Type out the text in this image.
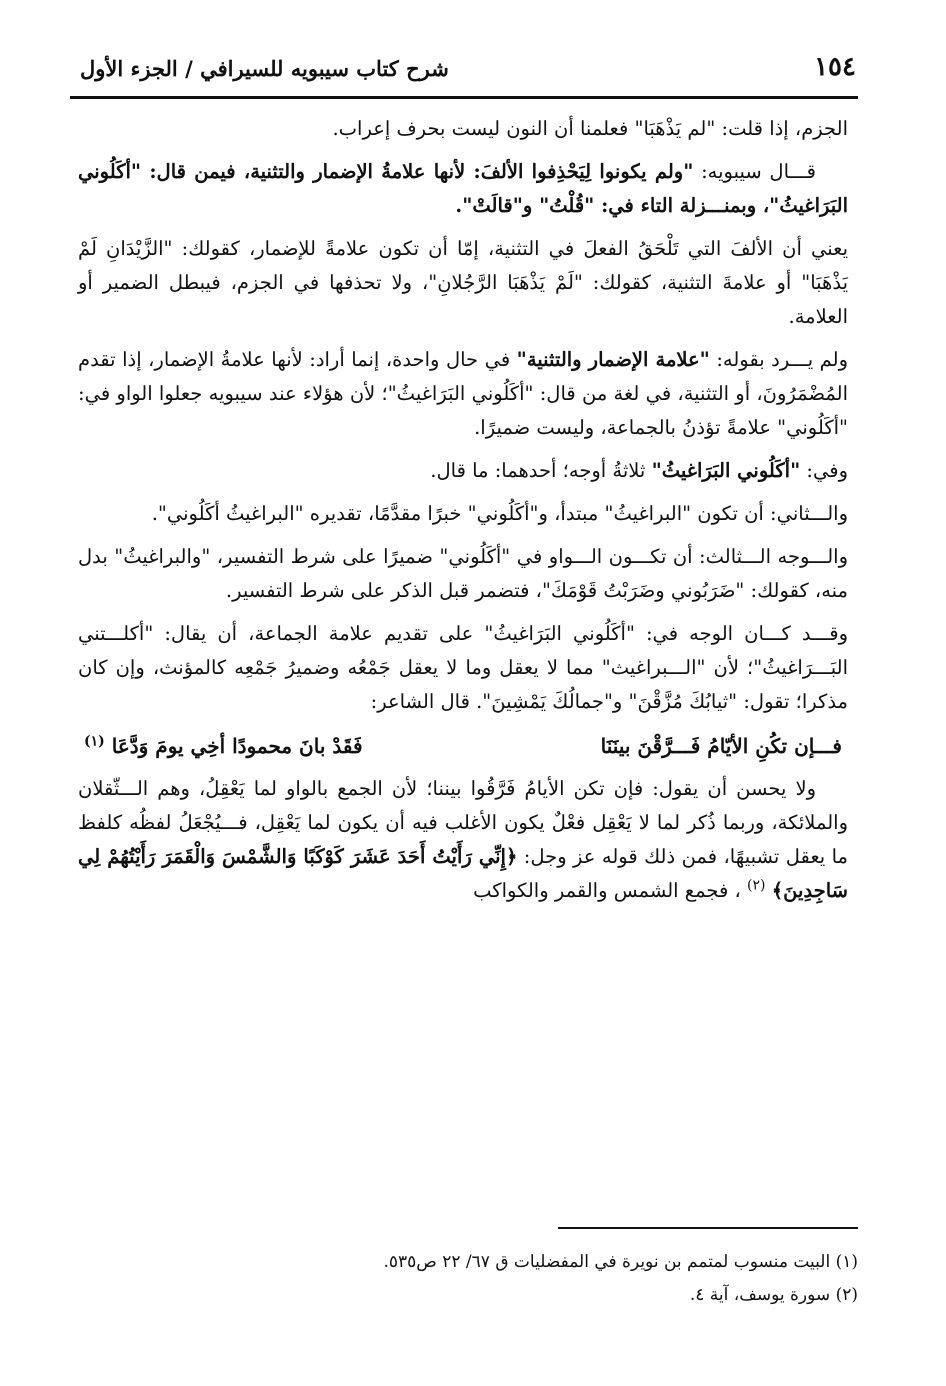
١٥٤
شرح كتاب سيبويه للسيرافي / الجزء الأول

الجزم، إذا قلت: "لم يَذْهَبَا" فعلمنا أن النون ليست بحرف إعراب.

قـــال سيبويه: "ولم يكونوا لِيَحْذِفوا الألفَ: لأنها علامةُ الإضمار والتثنية، فيمن قال: "أكَلُوني البَرَاغيثُ"، وبمنـــزلة التاء في: "قُلْتُ" و"قالَتْ".

يعني أن الألفَ التي تَلْحَقُ الفعلَ في التثنية، إمّا أن تكون علامةً للإضمار، كقولك: "الزَّيْدَانِ لَمْ يَذْهَبَا" أو علامةَ التثنية، كقولك: "لَمْ يَذْهَبَا الرَّجُلانِ"، ولا تحذفها في الجزم، فيبطل الضمير أو العلامة.

ولم يـــرد بقوله: "علامة الإضمار والتثنية" في حال واحدة، إنما أراد: لأنها علامةُ الإضمار، إذا تقدم المُضْمَرُونَ، أو التثنية، في لغة من قال: "أكَلُوني البَرَاغيثُ"؛ لأن هؤلاء عند سيبويه جعلوا الواو في: "أكَلُوني" علامةً تؤذنُ بالجماعة، وليست ضميرًا.

وفي: "أكَلُوني البَرَاغيثُ" ثلاثةُ أوجه؛ أحدهما: ما قال.

والـــثاني: أن تكون "البراغيثُ" مبتدأ، و"أكَلُوني" خبرًا مقدَّمًا، تقديره "البراغيثُ أكَلُوني".

والـــوجه الـــثالث: أن تكـــون الـــواو في "أكَلُوني" ضميرًا على شرط التفسير، "والبراغيثُ" بدل منه، كقولك: "ضَرَبُوني وضَرَبْتُ قَوْمَكَ"، فتضمر قبل الذكر على شرط التفسير.

وقـــد كـــان الوجه في: "أكَلُوني البَرَاغيثُ" على تقديم علامة الجماعة، أن يقال: "أكلـــتني البَـــرَاغيثُ"؛ لأن "الـــبراغيث" مما لا يعقل وما لا يعقل جَمْعُه وضميرُ جَمْعِه كالمؤنث، وإن كان مذكرا؛ تقول: "ثيابُكَ مُزَّقْنَ" و"جمالُكَ يَمْشِينَ". قال الشاعر:

فـــإن تكُنِ الأيّامُ فَـــرَّقْنَ بينَنَا
فَقَدْ بانَ محمودًا أخِي يومَ وَدَّعَا $^{(١)}$

ولا يحسن أن يقول: فإن تكن الأيامُ فَرَّقُوا بيننا؛ لأن الجمع بالواو لما يَعْقِلُ، وهم الـــثّقلان والملائكة، وربما ذُكر لما لا يَعْقِل فعْلٌ يكون الأغلب فيه أن يكون لما يَعْقِل، فـــيُجْعَلُ لفظُه كلفظ ما يعقل تشبيهًا، فمن ذلك قوله عز وجل: ﴿إِنِّي رَأَيْتُ أَحَدَ عَشَرَ كَوْكَبًا وَالشَّمْسَ وَالْقَمَرَ رَأَيْتُهُمْ لِي سَاجِدِينَ﴾ $^{(٢)}$ ، فجمع الشمس والقمر والكواكب

(١) البيت منسوب لمتمم بن نويرة في المفضليات ق ٦٧/ ٢٢ ص٥٣٥.
(٢) سورة يوسف، آية ٤.
